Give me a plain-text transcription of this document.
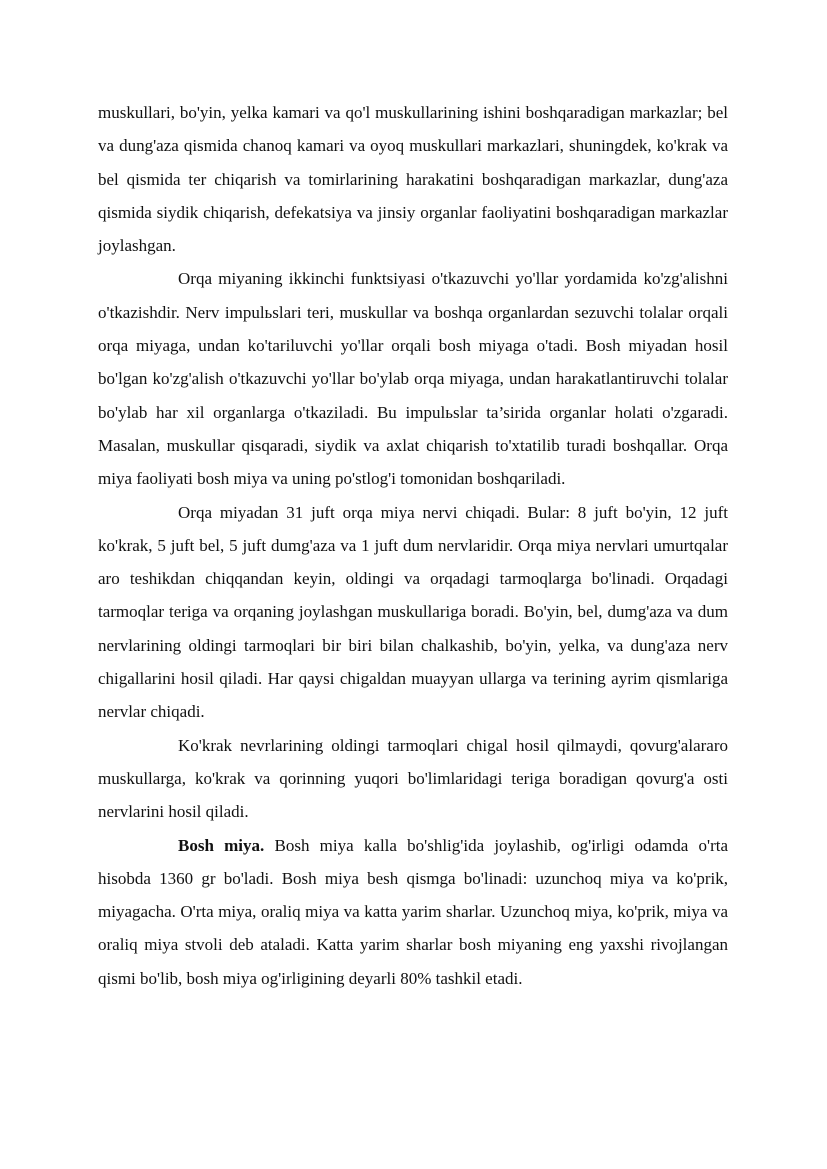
muskullari, bo'yin, yelka kamari va qo'l muskullarining ishini boshqaradigan markazlar; bel va dung'aza qismida chanoq kamari va oyoq muskullari markazlari, shuningdek, ko'krak va bel qismida ter chiqarish va tomirlarining harakatini boshqaradigan markazlar, dung'aza qismida siydik chiqarish, defekatsiya va jinsiy organlar faoliyatini boshqaradigan markazlar joylashgan.

Orqa miyaning ikkinchi funktsiyasi o'tkazuvchi yo'llar yordamida ko'zg'alishni o'tkazishdir. Nerv impulьslari teri, muskullar va boshqa organlardan sezuvchi tolalar orqali orqa miyaga, undan ko'tariluvchi yo'llar orqali bosh miyaga o'tadi. Bosh miyadan hosil bo'lgan ko'zg'alish o'tkazuvchi yo'llar bo'ylab orqa miyaga, undan harakatlantiruvchi tolalar bo'ylab har xil organlarga o'tkaziladi. Bu impulьslar ta’sirida organlar holati o'zgaradi. Masalan, muskullar qisqaradi, siydik va axlat chiqarish to'xtatilib turadi boshqallar. Orqa miya faoliyati bosh miya va uning po'stlog'i tomonidan boshqariladi.

Orqa miyadan 31 juft orqa miya nervi chiqadi. Bular: 8 juft bo'yin, 12 juft ko'krak, 5 juft bel, 5 juft dumg'aza va 1 juft dum nervlaridir. Orqa miya nervlari umurtqalar aro teshikdan chiqqandan keyin, oldingi va orqadagi tarmoqlarga bo'linadi. Orqadagi tarmoqlar teriga va orqaning joylashgan muskullariga boradi. Bo'yin, bel, dumg'aza va dum nervlarining oldingi tarmoqlari bir biri bilan chalkashib, bo'yin, yelka, va dung'aza nerv chigallarini hosil qiladi. Har qaysi chigaldan muayyan ullarga va terining ayrim qismlariga nervlar chiqadi.

Ko'krak nevrlarining oldingi tarmoqlari chigal hosil qilmaydi, qovurg'alararo muskullarga, ko'krak va qorinning yuqori bo'limlaridagi teriga boradigan qovurg'a osti nervlarini hosil qiladi.

Bosh miya. Bosh miya kalla bo'shlig'ida joylashib, og'irligi odamda o'rta hisobda 1360 gr bo'ladi. Bosh miya besh qismga bo'linadi: uzunchoq miya va ko'prik, miyagacha. O'rta miya, oraliq miya va katta yarim sharlar. Uzunchoq miya, ko'prik, miya va oraliq miya stvoli deb ataladi. Katta yarim sharlar bosh miyaning eng yaxshi rivojlangan qismi bo'lib, bosh miya og'irligining deyarli 80% tashkil etadi.
